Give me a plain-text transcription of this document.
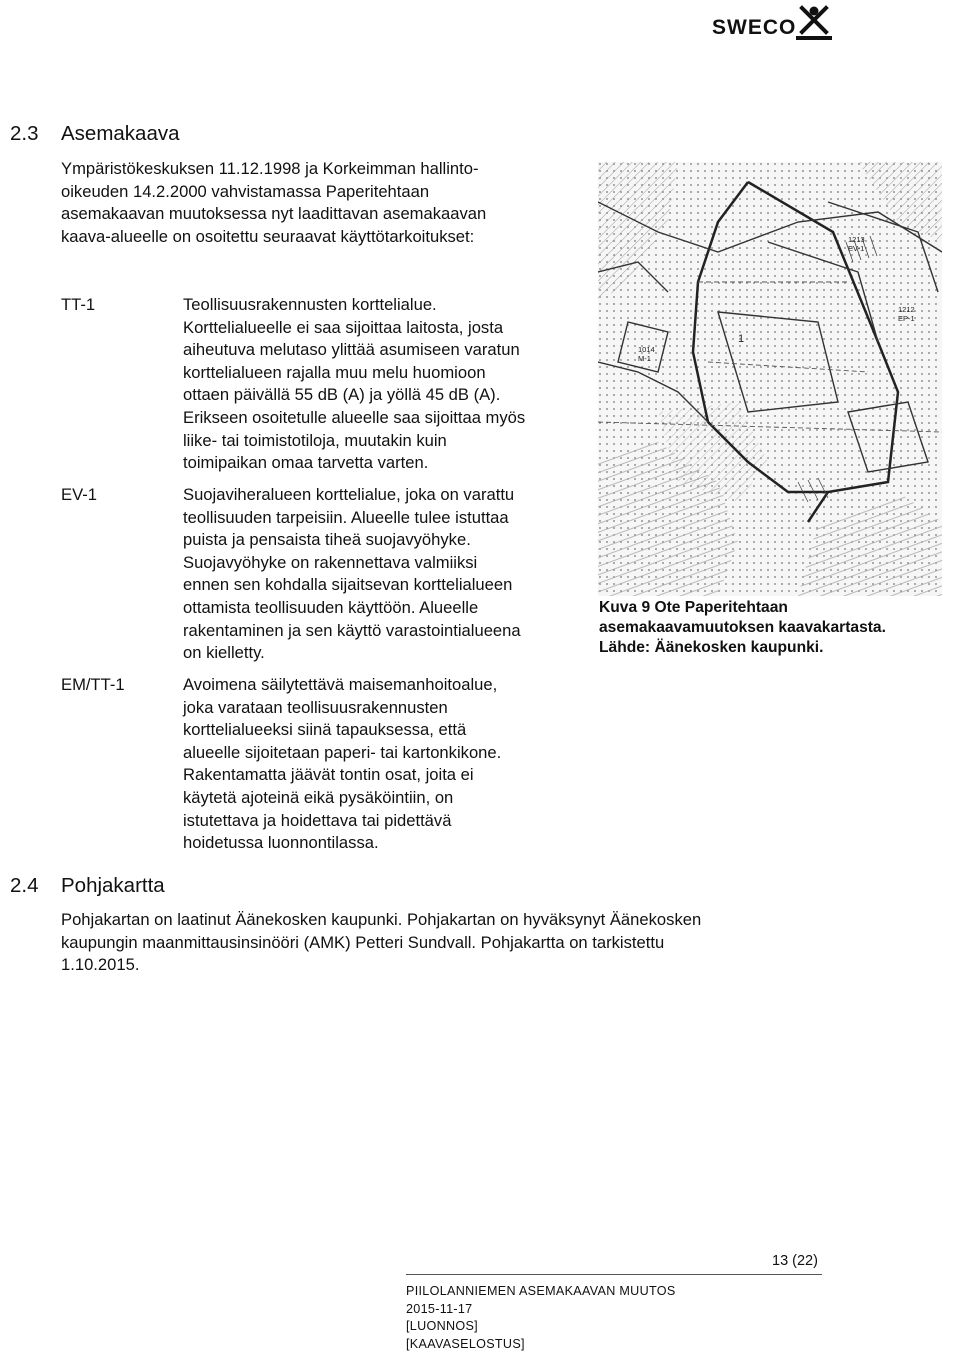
SWECO
2.3 Asemakaava

Ympäristökeskuksen 11.12.1998 ja Korkeimman hallinto-

oikeuden 14.2.2000 vahvistamassa Paperitehtaan

asemakaavan muutoksessa nyt laadittavan asemakaavan

kaava-alueelle on osoitettu seuraavat käyttötarkoitukset:

TT-1	Teollisuusrakennusten korttelialue.

Korttelialueelle ei saa sijoittaa laitosta, josta

aiheutuva melutaso ylittää asumiseen varatun

korttelialueen rajalla muu melu huomioon

ottaen päivällä 55 dB (A) ja yöllä 45 dB (A).

Erikseen osoitetulle alueelle saa sijoittaa myös

liike- tai toimistotiloja, muutakin kuin

toimipaikan omaa tarvetta varten.

EV-1	Suojaviheralueen korttelialue, joka on varattu

teollisuuden tarpeisiin. Alueelle tulee istuttaa

puista ja pensaista tiheä suojavyöhyke.

Suojavyöhyke on rakennettava valmiiksi

ennen sen kohdalla sijaitsevan korttelialueen

ottamista teollisuuden käyttöön. Alueelle

rakentaminen ja sen käyttö varastointialueena

on kielletty.

EM/TT-1	Avoimena säilytettävä maisemanhoitoalue,

joka varataan teollisuusrakennusten

korttelialueeksi siinä tapauksessa, että

alueelle sijoitetaan paperi- tai kartonkikone.

Rakentamatta jäävät tontin osat, joita ei

käytetä ajoteinä eikä pysäköintiin, on

istutettava ja hoidettava tai pidettävä

hoidetussa luonnontilassa.

1213
EV-1
1014
M-1
1212
EP-1
1

Kuva 9 Ote Paperitehtaan

asemakaavamuutoksen kaavakartasta.

Lähde: Äänekosken kaupunki.

2.4 Pohjakartta

Pohjakartan on laatinut Äänekosken kaupunki. Pohjakartan on hyväksynyt Äänekosken

kaupungin maanmittausinsinööri (AMK) Petteri Sundvall. Pohjakartta on tarkistettu

1.10.2015.

13 (22)

PIILOLANNIEMEN ASEMAKAAVAN MUUTOS

2015-11-17

[LUONNOS]

[KAAVASELOSTUS]
